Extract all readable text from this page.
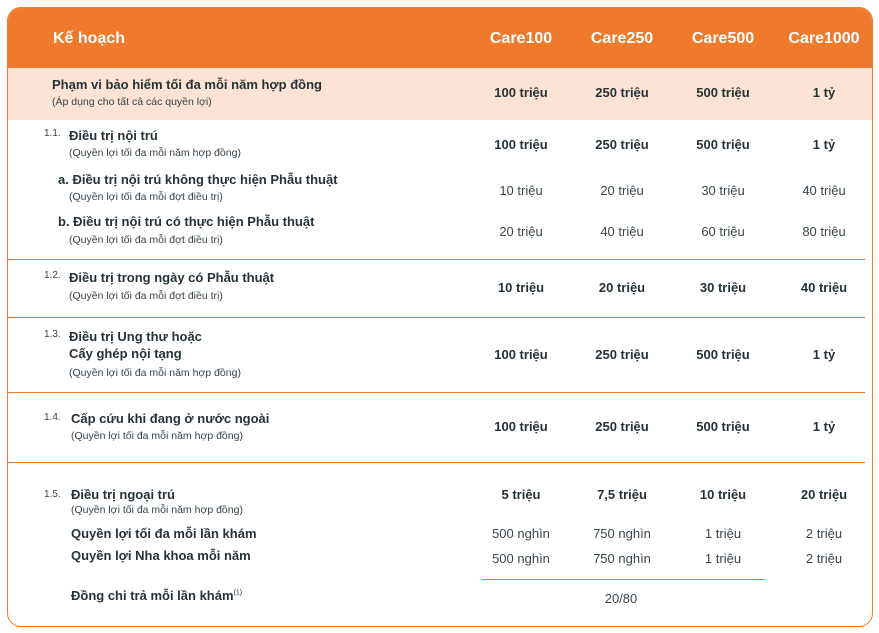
Kế hoạch	Care100	Care250	Care500	Care1000
Phạm vi bảo hiểm tối đa mỗi năm hợp đồng
(Áp dụng cho tất cả các quyền lợi)
100 triệu	250 triệu	500 triệu	1 tỷ
1.1. Điều trị nội trú
(Quyền lợi tối đa mỗi năm hợp đồng)
100 triệu	250 triệu	500 triệu	1 tỷ
a. Điều trị nội trú không thực hiện Phẫu thuật
(Quyền lợi tối đa mỗi đợt điều trị)	10 triệu	20 triệu	30 triệu	40 triệu
b. Điều trị nội trú có thực hiện Phẫu thuật
(Quyền lợi tối đa mỗi đợt điều trị)
20 triệu	40 triệu	60 triệu	80 triệu
1.2. Điều trị trong ngày có Phẫu thuật
(Quyền lợi tối đa mỗi đợt điều trị)
10 triệu	20 triệu	30 triệu	40 triệu
1.3. Điều trị Ung thư hoặc
Cấy ghép nội tạng
(Quyền lợi tối đa mỗi năm hợp đồng)
100 triệu	250 triệu	500 triệu	1 tỷ
1.4. Cấp cứu khi đang ở nước ngoài
(Quyền lợi tối đa mỗi năm hợp đồng)
100 triệu	250 triệu	500 triệu	1 tỷ
1.5. Điều trị ngoại trú
(Quyền lợi tối đa mỗi năm hợp đồng)
5 triệu	7,5 triệu	10 triệu	20 triệu
Quyền lợi tối đa mỗi lần khám	500 nghìn	750 nghìn	1 triệu	2 triệu
Quyền lợi Nha khoa mỗi năm	500 nghìn	750 nghìn	1 triệu	2 triệu
Đồng chi trả mỗi lần khám$^{(1)}$	20/80
